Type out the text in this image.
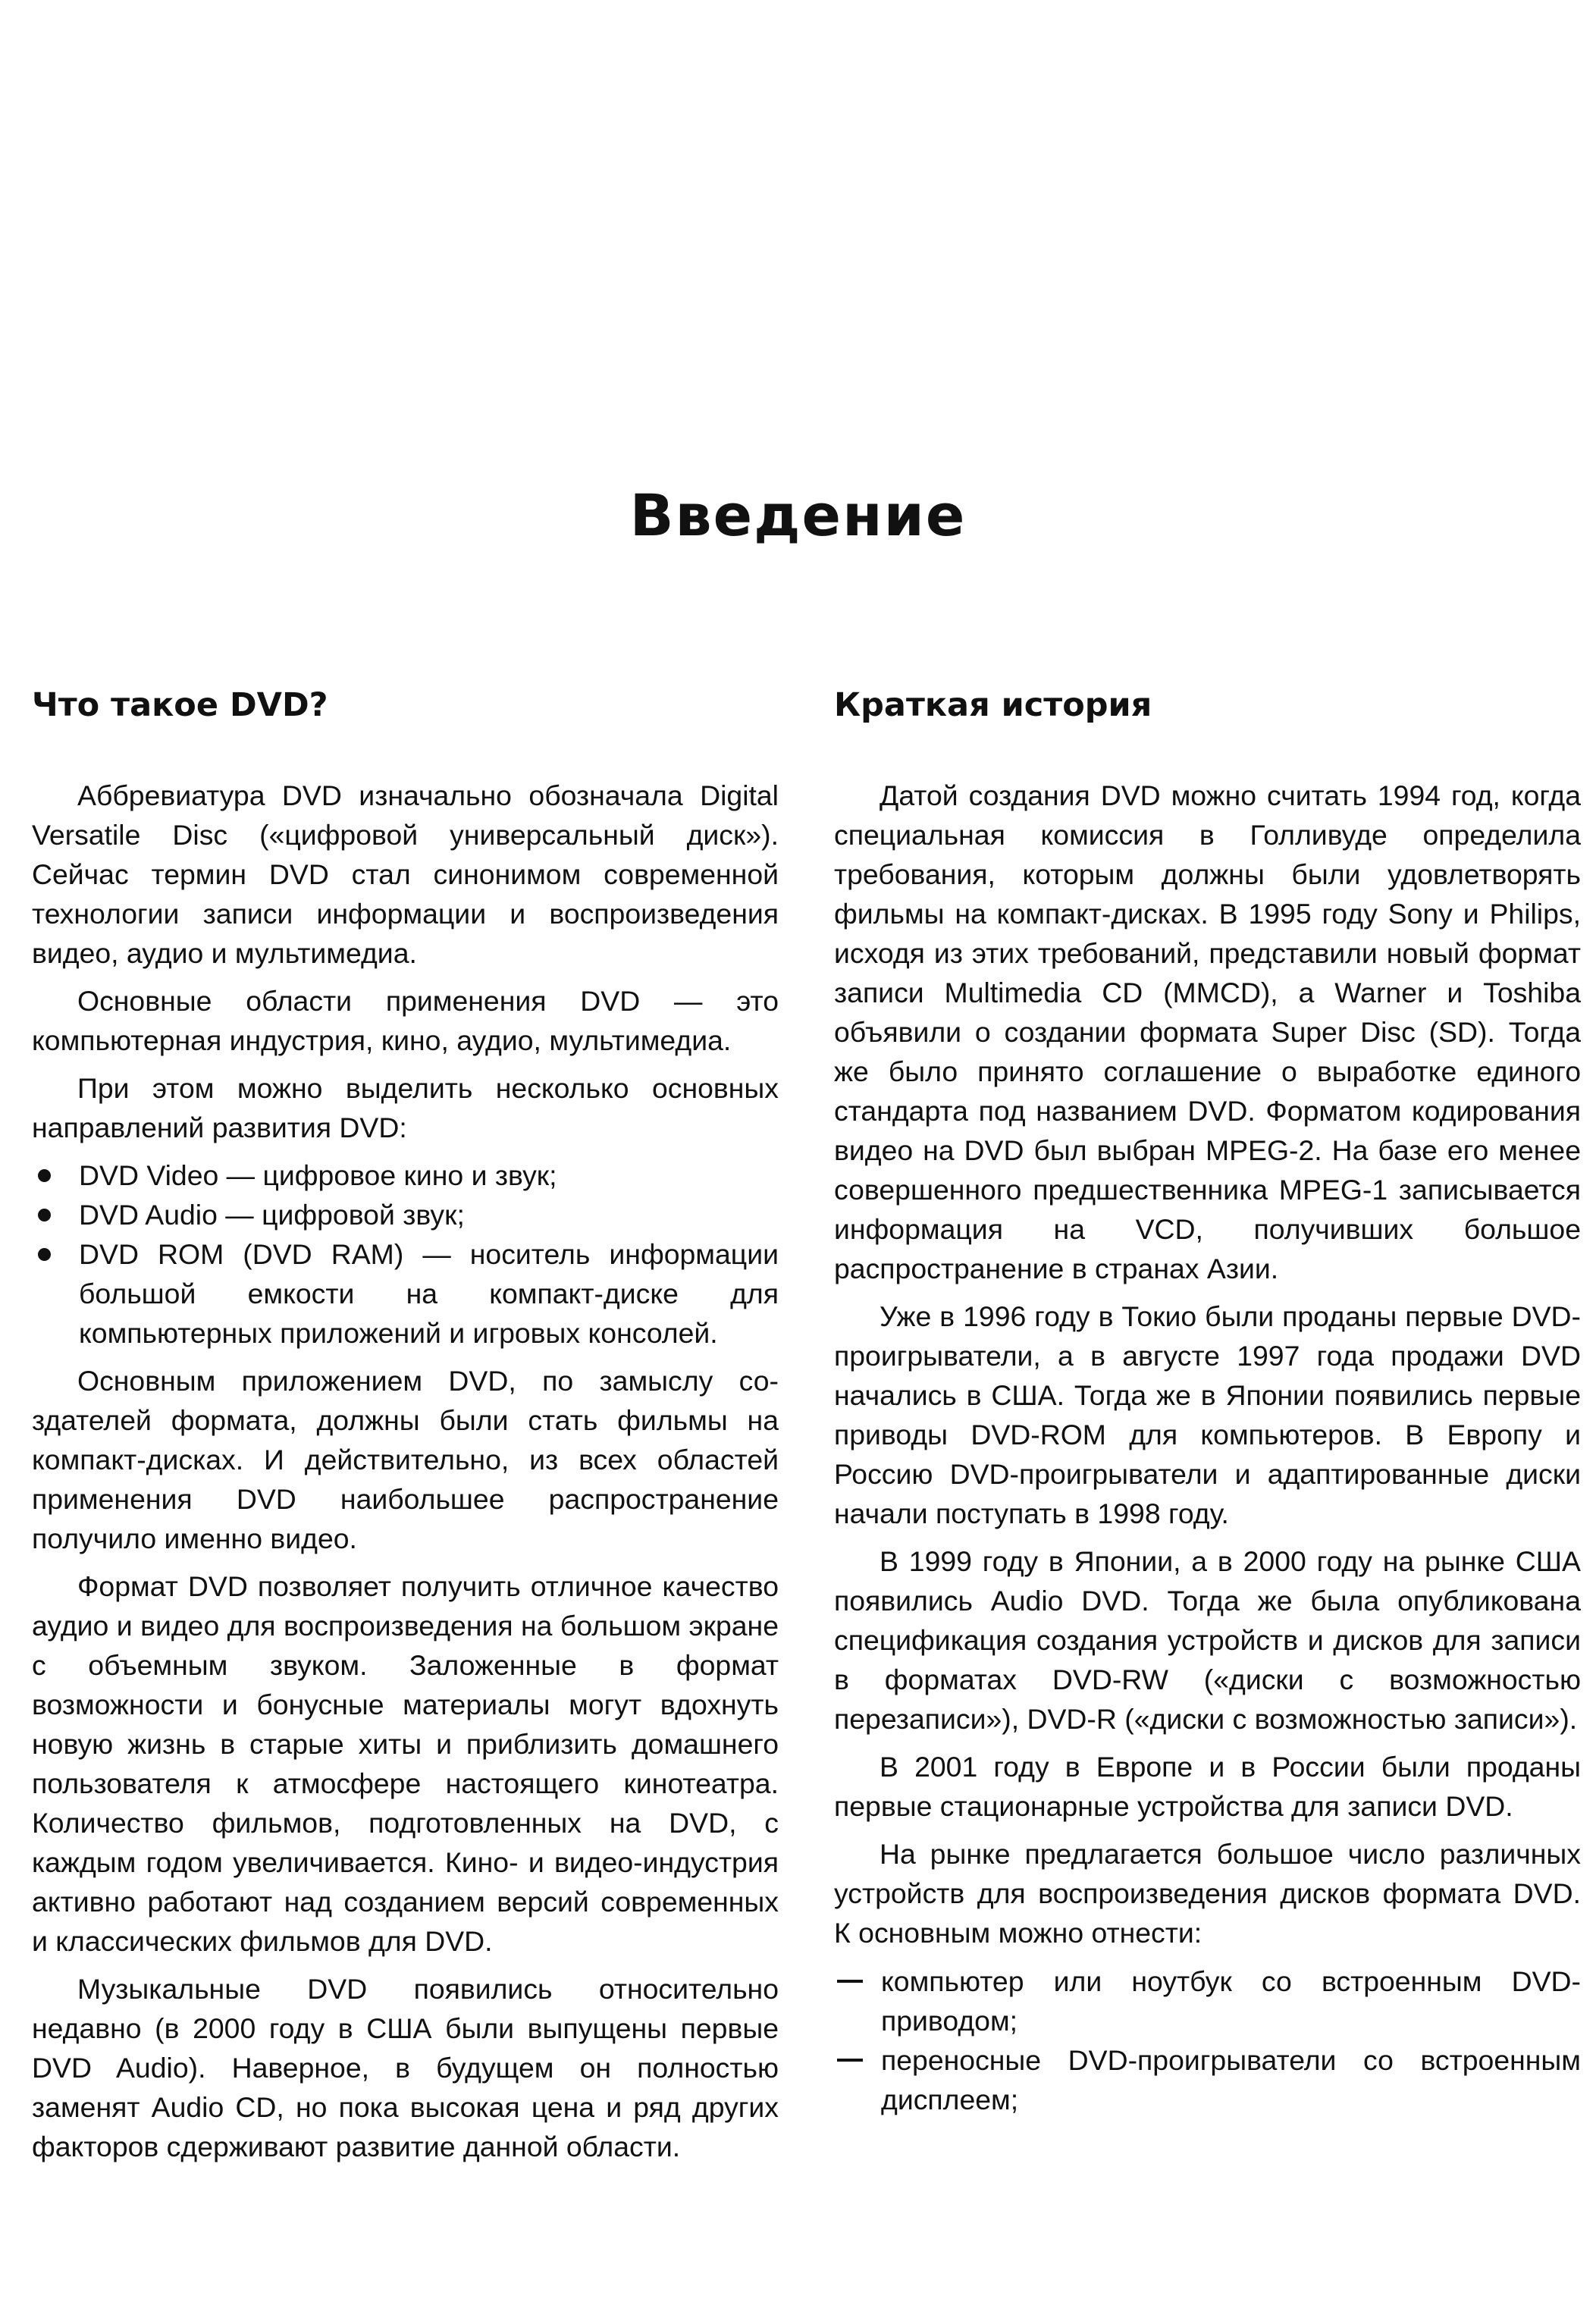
Введение
Что такое DVD?

Аббревиатура DVD изначально обозначала Digital Versatile Disc («цифровой универсальный диск»). Сейчас термин DVD стал синонимом современной технологии записи информации и воспроизведения видео, аудио и мультимедиа.

Основные области применения DVD — это компьютерная индустрия, кино, аудио, мультимедиа.

При этом можно выделить несколько основных направлений развития DVD:

DVD Video — цифровое кино и звук;
DVD Audio — цифровой звук;
DVD ROM (DVD RAM) — носитель информации большой емкости на компакт-диске для компьютерных приложений и игровых консолей.

Основным приложением DVD, по замыслу создателей формата, должны были стать фильмы на компакт-дисках. И действительно, из всех областей применения DVD наибольшее распространение получило именно видео.

Формат DVD позволяет получить отличное качество аудио и видео для воспроизведения на большом экране с объемным звуком. Заложенные в формат возможности и бонусные материалы могут вдохнуть новую жизнь в старые хиты и приблизить домашнего пользователя к атмосфере настоящего кинотеатра. Количество фильмов, подготовленных на DVD, с каждым годом увеличивается. Кино- и видео-индустрия активно работают над созданием версий современных и классических фильмов для DVD.

Музыкальные DVD появились относительно недавно (в 2000 году в США были выпущены первые DVD Audio). Наверное, в будущем он полностью заменят Audio CD, но пока высокая цена и ряд других факторов сдерживают развитие данной области.

Краткая история

Датой создания DVD можно считать 1994 год, когда специальная комиссия в Голливуде определила требования, которым должны были удовлетворять фильмы на компакт-дисках. В 1995 году Sony и Philips, исходя из этих требований, представили новый формат записи Multimedia CD (MMCD), а Warner и Toshiba объявили о создании формата Super Disc (SD). Тогда же было принято соглашение о выработке единого стандарта под названием DVD. Форматом кодирования видео на DVD был выбран MPEG-2. На базе его менее совершенного предшественника MPEG-1 записывается информация на VCD, получивших большое распространение в странах Азии.

Уже в 1996 году в Токио были проданы первые DVD-проигрыватели, а в августе 1997 года продажи DVD начались в США. Тогда же в Японии появились первые приводы DVD-ROM для компьютеров. В Европу и Россию DVD-проигрыватели и адаптированные диски начали поступать в 1998 году.

В 1999 году в Японии, а в 2000 году на рынке США появились Audio DVD. Тогда же была опубликована спецификация создания устройств и дисков для записи в форматах DVD-RW («диски с возможностью перезаписи»), DVD-R («диски с возможностью записи»).

В 2001 году в Европе и в России были проданы первые стационарные устройства для записи DVD.

На рынке предлагается большое число различных устройств для воспроизведения дисков формата DVD. К основным можно отнести:

компьютер или ноутбук со встроенным DVD-приводом;
переносные DVD-проигрыватели со встроенным дисплеем;
